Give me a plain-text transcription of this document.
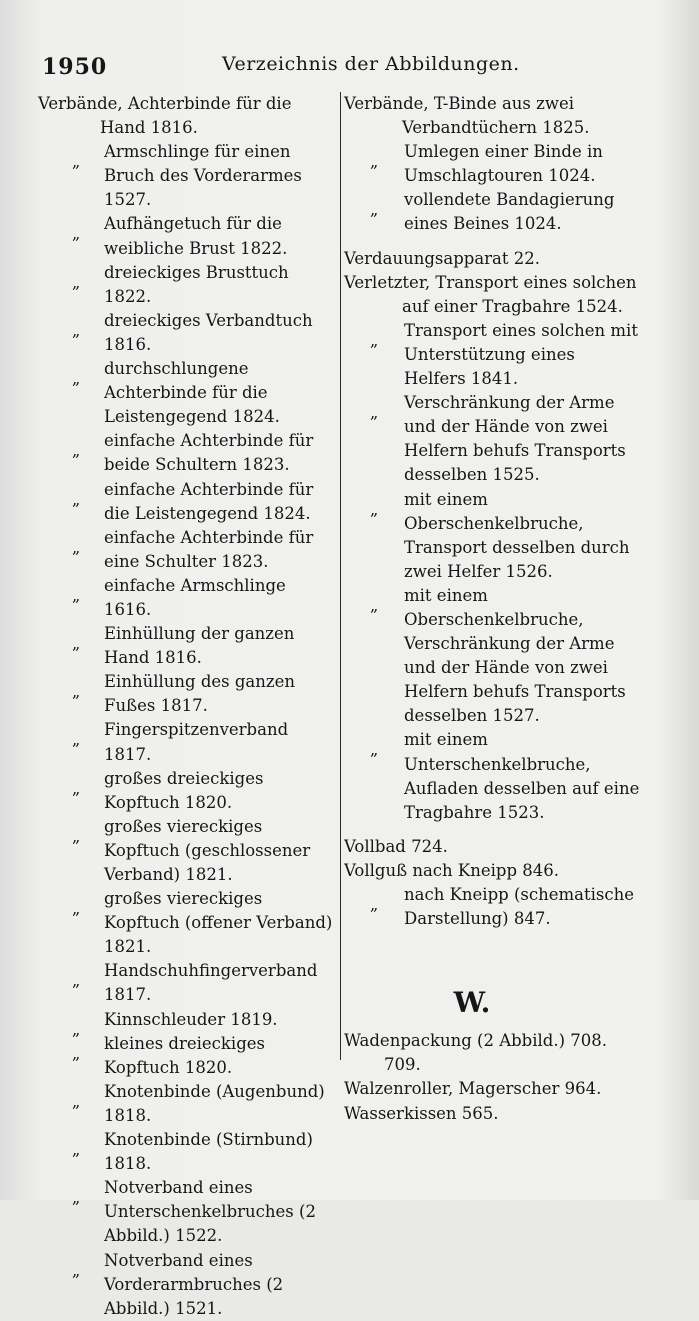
1950	Verzeichnis der Abbildungen.

Verbände, Achterbinde für die Hand 1816.

„
Armschlinge für einen Bruch des Vorderarmes 1527.

„
Aufhängetuch für die weibliche Brust 1822.

„
dreieckiges Brusttuch 1822.

„
dreieckiges Verbandtuch 1816.

„
durchschlungene Achterbinde für die Leistengegend 1824.

„
einfache Achterbinde für beide Schultern 1823.

„
einfache Achterbinde für die Leistengegend 1824.

„
einfache Achterbinde für eine Schulter 1823.

„
einfache Armschlinge 1616.

„
Einhüllung der ganzen Hand 1816.

„
Einhüllung des ganzen Fußes 1817.

„
Fingerspitzenverband 1817.

„
großes dreieckiges Kopftuch 1820.

„
großes viereckiges Kopftuch (geschlossener Verband) 1821.

„
großes viereckiges Kopftuch (offener Verband) 1821.

„
Handschuhfingerverband 1817.

„
Kinnschleuder 1819.

„
kleines dreieckiges Kopftuch 1820.

„
Knotenbinde (Augenbund) 1818.

„
Knotenbinde (Stirnbund) 1818.

„
Notverband eines Unterschenkelbruches (2 Abbild.) 1522.

„
Notverband eines Vorderarmbruches (2 Abbild.) 1521.

Verbände, T-Binde aus zwei Verbandtüchern 1825.

„
Umlegen einer Binde in Umschlagtouren 1024.

„
vollendete Bandagierung eines Beines 1024.

Verdauungsapparat 22.

Verletzter, Transport eines solchen auf einer Tragbahre 1524.

„
Transport eines solchen mit Unterstützung eines Helfers 1841.

„
Verschränkung der Arme und der Hände von zwei Helfern behufs Transports desselben 1525.

„
mit einem Oberschenkelbruche, Transport desselben durch zwei Helfer 1526.

„
mit einem Oberschenkelbruche, Verschränkung der Arme und der Hände von zwei Helfern behufs Transports desselben 1527.

„
mit einem Unterschenkelbruche, Aufladen desselben auf eine Tragbahre 1523.

Vollbad 724.

Vollguß nach Kneipp 846.

„
nach Kneipp (schematische Darstellung) 847.

W.

Wadenpackung (2 Abbild.) 708. 709.

Walzenroller, Magerscher 964.

Wasserkissen 565.
